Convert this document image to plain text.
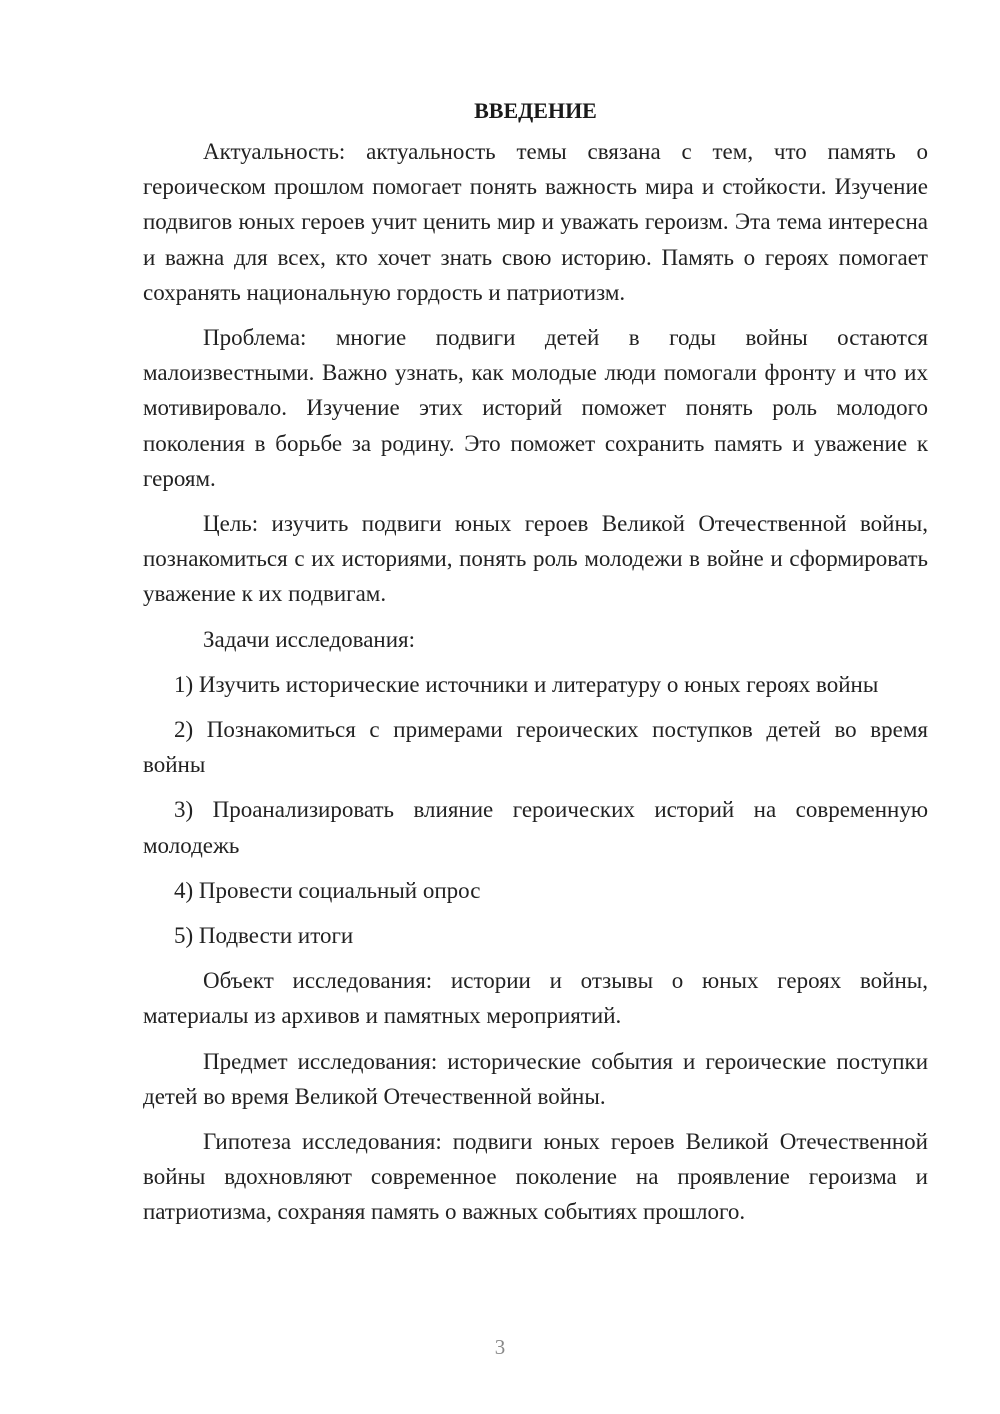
ВВЕДЕНИЕ

Актуальность: актуальность темы связана с тем, что память о героическом прошлом помогает понять важность мира и стойкости. Изучение подвигов юных героев учит ценить мир и уважать героизм. Эта тема интересна и важна для всех, кто хочет знать свою историю. Память о героях помогает сохранять национальную гордость и патриотизм.

Проблема: многие подвиги детей в годы войны остаются малоизвестными. Важно узнать, как молодые люди помогали фронту и что их мотивировало. Изучение этих историй поможет понять роль молодого поколения в борьбе за родину. Это поможет сохранить память и уважение к героям.

Цель: изучить подвиги юных героев Великой Отечественной войны, познакомиться с их историями, понять роль молодежи в войне и сформировать уважение к их подвигам.

Задачи исследования:

1) Изучить исторические источники и литературу о юных героях войны

2) Познакомиться с примерами героических поступков детей во время войны

3) Проанализировать влияние героических историй на современную молодежь

4) Провести социальный опрос

5) Подвести итоги

Объект исследования: истории и отзывы о юных героях войны, материалы из архивов и памятных мероприятий.

Предмет исследования: исторические события и героические поступки детей во время Великой Отечественной войны.

Гипотеза исследования: подвиги юных героев Великой Отечественной войны вдохновляют современное поколение на проявление героизма и патриотизма, сохраняя память о важных событиях прошлого.

3
